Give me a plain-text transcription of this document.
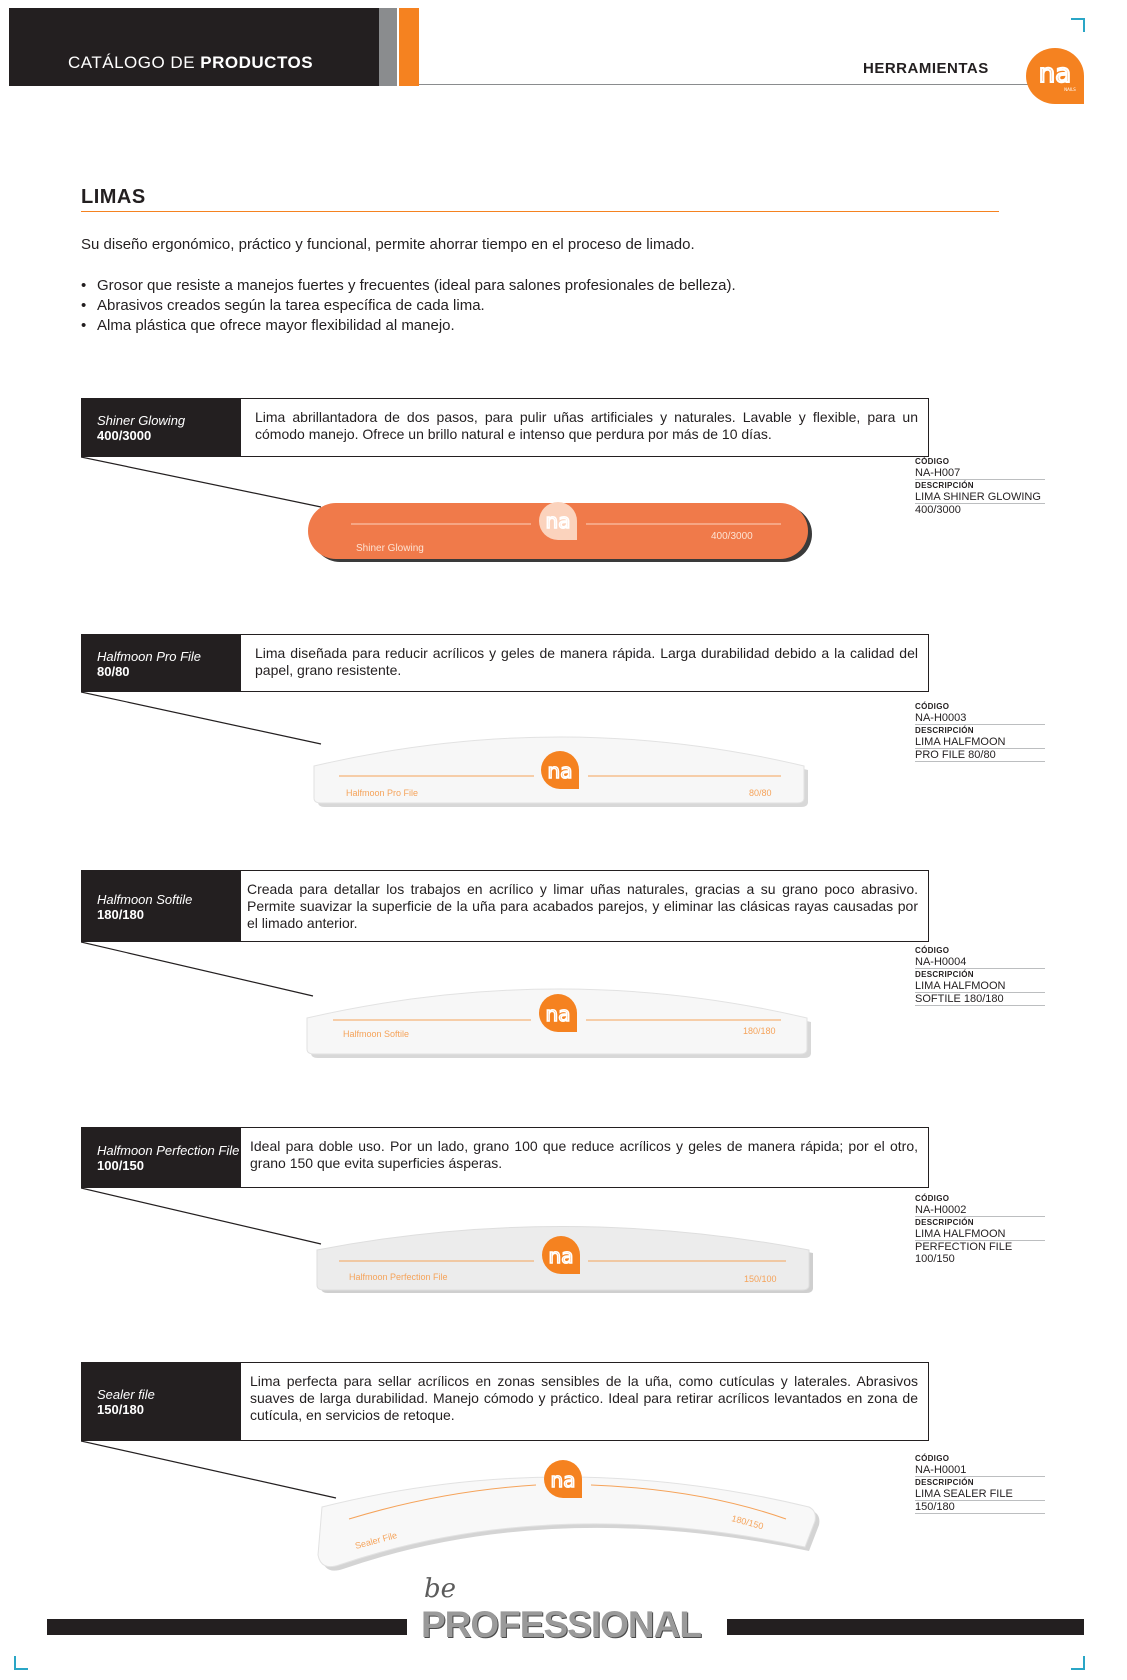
CATÁLOGO DE PRODUCTOS	HERRAMIENTAS na
NAILS
LIMAS
Su diseño ergonómico, práctico y funcional, permite ahorrar tiempo en el proceso de limado.
• Grosor que resiste a manejos fuertes y frecuentes (ideal para salones profesionales de belleza).
• Abrasivos creados según la tarea específica de cada lima.
• Alma plástica que ofrece mayor flexibilidad al manejo.
Shiner Glowing
400/3000
Lima abrillantadora de dos pasos, para pulir uñas artificiales y naturales. Lavable y flexible, para un cómodo manejo. Ofrece un brillo natural e intenso que perdura por más de 10 días.
na
Shiner Glowing
400/3000
CÓDIGO
NA-H007
DESCRIPCIÓN
LIMA SHINER GLOWING
400/3000
Halfmoon Pro File
80/80
Lima diseñada para reducir acrílicos y geles de manera rápida. Larga durabilidad debido a la calidad del papel, grano resistente.
na
Halfmoon Pro File	80/80
CÓDIGO
NA-H0003
DESCRIPCIÓN
LIMA HALFMOON
PRO FILE 80/80
Halfmoon Softile
180/180
Creada para detallar los trabajos en acrílico y limar uñas naturales, gracias a su grano poco abrasivo. Permite suavizar la superficie de la uña para acabados parejos, y eliminar las clásicas rayas causadas por el limado anterior.
na
Halfmoon Softile	180/180
CÓDIGO
NA-H0004
DESCRIPCIÓN
LIMA HALFMOON
SOFTILE 180/180
Halfmoon Perfection File
100/150
Ideal para doble uso. Por un lado, grano 100 que reduce acrílicos y geles de manera rápida; por el otro, grano 150 que evita superficies ásperas.
na
Halfmoon Perfection File	150/100
CÓDIGO
NA-H0002
DESCRIPCIÓN
LIMA HALFMOON
PERFECTION FILE 100/150
Sealer file
150/180
Lima perfecta para sellar acrílicos en zonas sensibles de la uña, como cutículas y laterales. Abrasivos suaves de larga durabilidad. Manejo cómodo y práctico. Ideal para retirar acrílicos levantados en zona de cutícula, en servicios de retoque.
na
Sealer File
180/150
CÓDIGO
NA-H0001
DESCRIPCIÓN
LIMA SEALER FILE
150/180
be
PROFESSIONAL
